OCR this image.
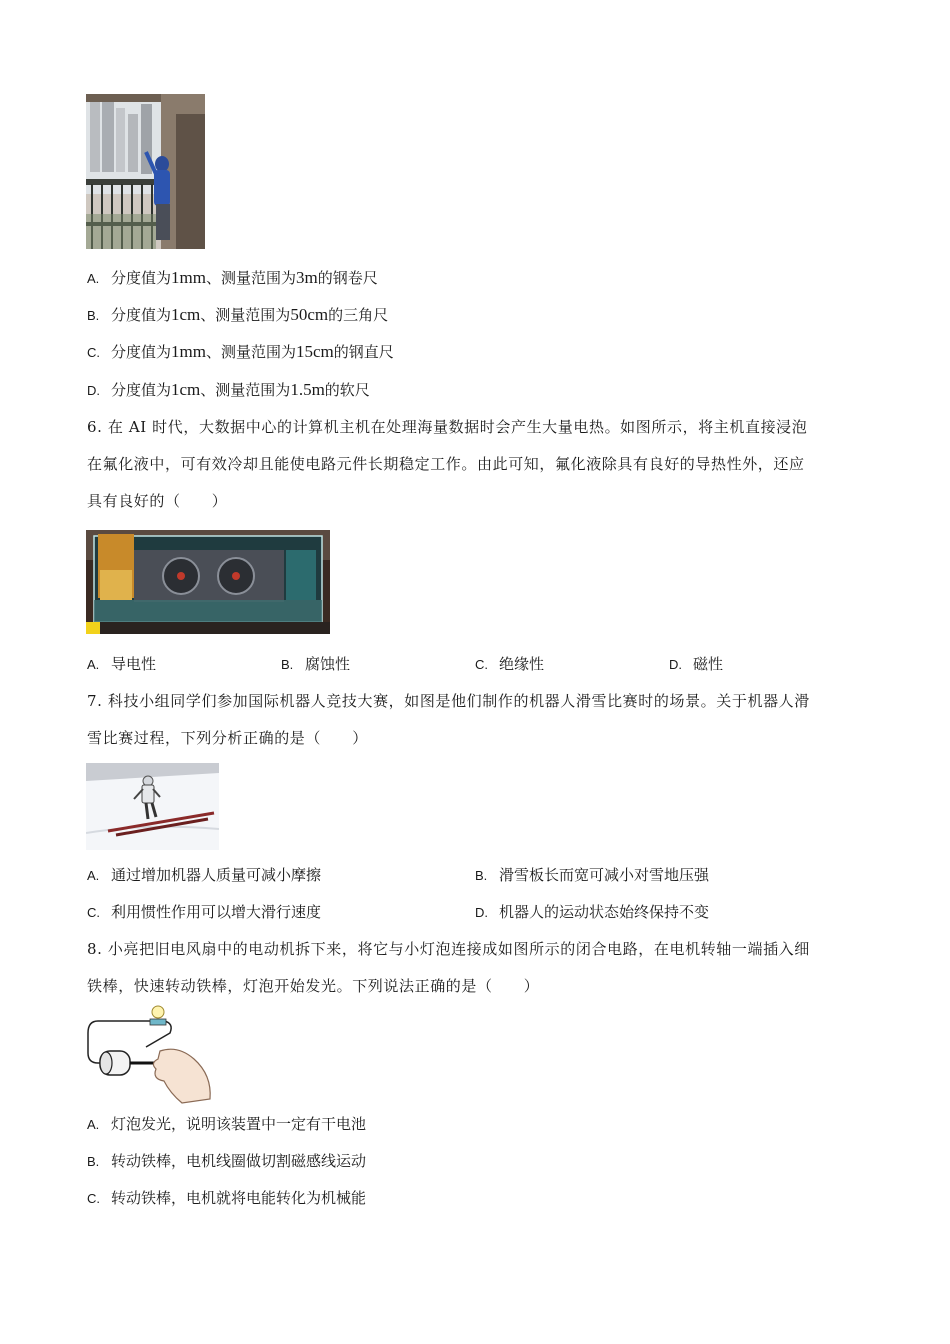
A. 分度值为1mm、测量范围为3m的钢卷尺
B. 分度值为1cm、测量范围为50cm的三角尺
C. 分度值为1mm、测量范围为15cm的钢直尺
D. 分度值为1cm、测量范围为1.5m的软尺
6. 在 AI 时代，大数据中心的计算机主机在处理海量数据时会产生大量电热。如图所示，将主机直接浸泡
在氟化液中，可有效冷却且能使电路元件长期稳定工作。由此可知，氟化液除具有良好的导热性外，还应
具有良好的（　　）
A. 导电性	B. 腐蚀性	C. 绝缘性	D. 磁性
7. 科技小组同学们参加国际机器人竞技大赛，如图是他们制作的机器人滑雪比赛时的场景。关于机器人滑
雪比赛过程，下列分析正确的是（　　）
A. 通过增加机器人质量可减小摩擦	B. 滑雪板长而宽可减小对雪地压强
C. 利用惯性作用可以增大滑行速度	D. 机器人的运动状态始终保持不变
8. 小亮把旧电风扇中的电动机拆下来，将它与小灯泡连接成如图所示的闭合电路，在电机转轴一端插入细
铁棒，快速转动铁棒，灯泡开始发光。下列说法正确的是（　　）
A. 灯泡发光，说明该装置中一定有干电池
B. 转动铁棒，电机线圈做切割磁感线运动
C. 转动铁棒，电机就将电能转化为机械能
